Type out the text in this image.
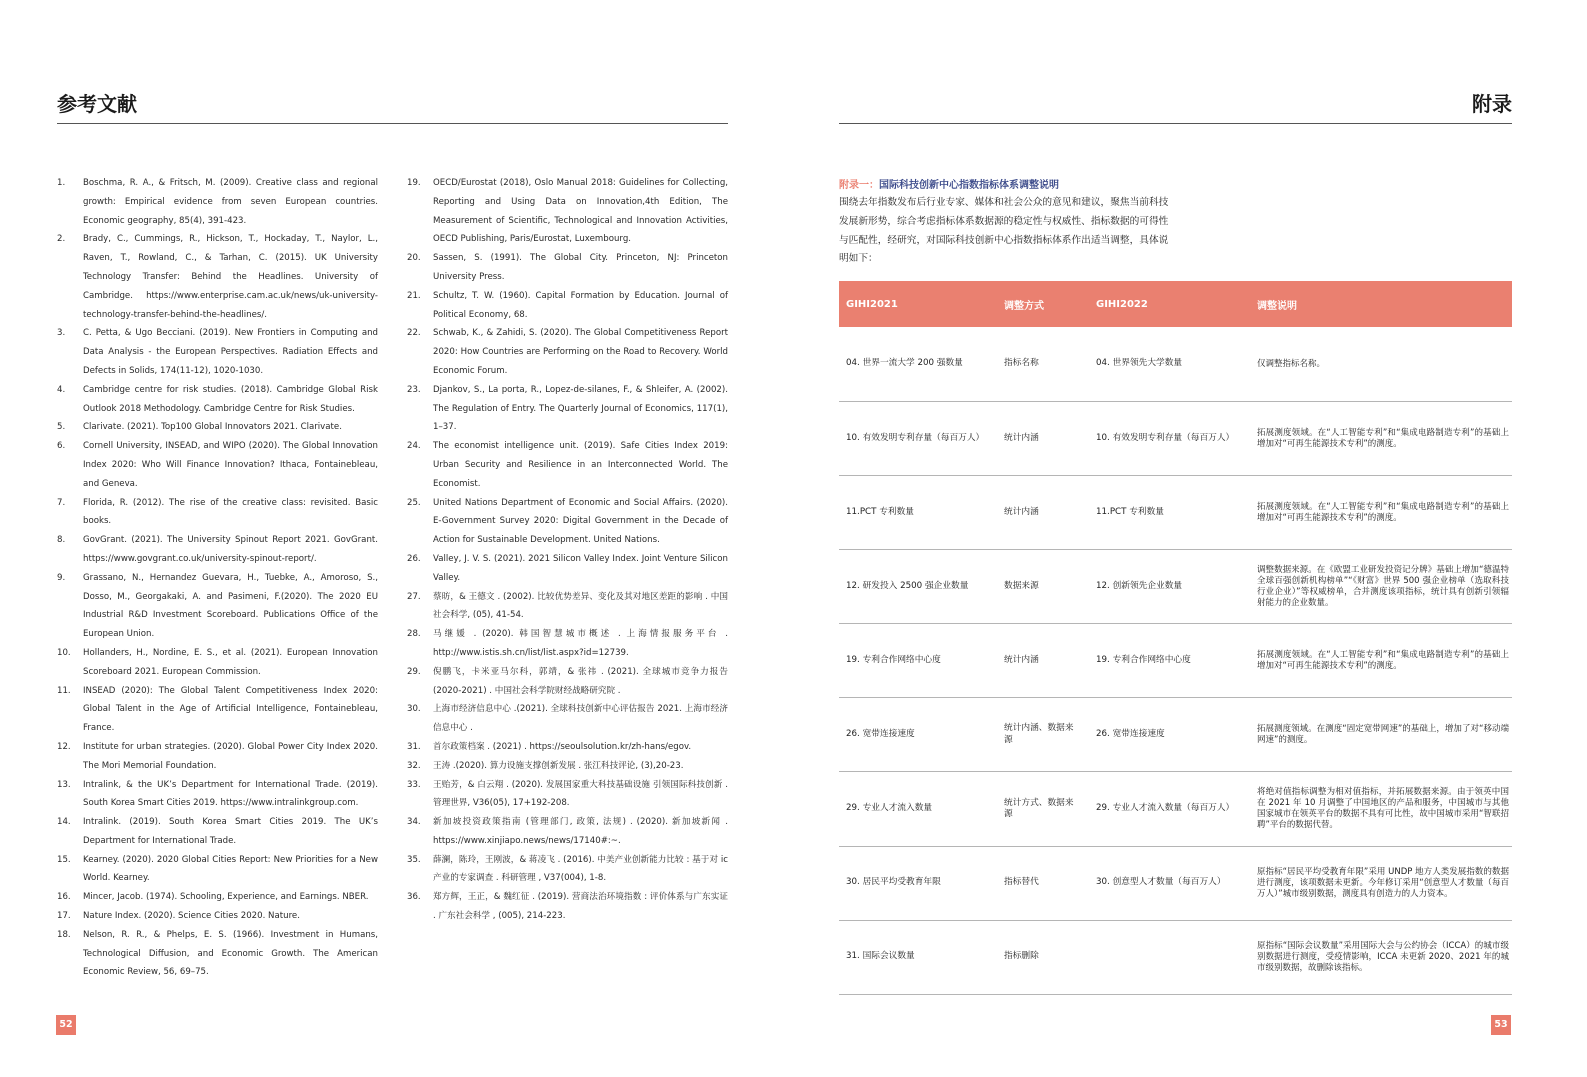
参考文献
1. Boschma, R. A., & Fritsch, M. (2009). Creative class and regional growth: Empirical evidence from seven European countries. Economic geography, 85(4), 391-423.
2. Brady, C., Cummings, R., Hickson, T., Hockaday, T., Naylor, L., Raven, T., Rowland, C., & Tarhan, C. (2015). UK University Technology Transfer: Behind the Headlines. University of Cambridge. https://www.enterprise.cam.ac.uk/news/uk-university-technology-transfer-behind-the-headlines/.
3. C. Petta, & Ugo Becciani. (2019). New Frontiers in Computing and Data Analysis - the European Perspectives. Radiation Effects and Defects in Solids, 174(11-12), 1020-1030.
4. Cambridge centre for risk studies. (2018). Cambridge Global Risk Outlook 2018 Methodology. Cambridge Centre for Risk Studies.
5. Clarivate. (2021). Top100 Global Innovators 2021. Clarivate.
6. Cornell University, INSEAD, and WIPO (2020). The Global Innovation Index 2020: Who Will Finance Innovation? Ithaca, Fontainebleau, and Geneva.
7. Florida, R. (2012). The rise of the creative class: revisited. Basic books.
8. GovGrant. (2021). The University Spinout Report 2021. GovGrant. https://www.govgrant.co.uk/university-spinout-report/.
9. Grassano, N., Hernandez Guevara, H., Tuebke, A., Amoroso, S., Dosso, M., Georgakaki, A. and Pasimeni, F.(2020). The 2020 EU Industrial R&D Investment Scoreboard. Publications Office of the European Union.
10. Hollanders, H., Nordine, E. S., et al. (2021). European Innovation Scoreboard 2021. European Commission.
11. INSEAD (2020): The Global Talent Competitiveness Index 2020: Global Talent in the Age of Artificial Intelligence, Fontainebleau, France.
12. Institute for urban strategies. (2020). Global Power City Index 2020. The Mori Memorial Foundation.
13. Intralink, & the UK’s Department for International Trade. (2019). South Korea Smart Cities 2019. https://www.intralinkgroup.com.
14. Intralink. (2019). South Korea Smart Cities 2019. The UK’s Department for International Trade.
15. Kearney. (2020). 2020 Global Cities Report: New Priorities for a New World. Kearney.
16. Mincer, Jacob. (1974). Schooling, Experience, and Earnings. NBER.
17. Nature Index. (2020). Science Cities 2020. Nature.
18. Nelson, R. R., & Phelps, E. S. (1966). Investment in Humans, Technological Diffusion, and Economic Growth. The American Economic Review, 56, 69–75.
19. OECD/Eurostat (2018), Oslo Manual 2018: Guidelines for Collecting, Reporting and Using Data on Innovation,4th Edition, The Measurement of Scientific, Technological and Innovation Activities, OECD Publishing, Paris/Eurostat, Luxembourg.
20. Sassen, S. (1991). The Global City. Princeton, NJ: Princeton University Press.
21. Schultz, T. W. (1960). Capital Formation by Education. Journal of Political Economy, 68.
22. Schwab, K., & Zahidi, S. (2020). The Global Competitiveness Report 2020: How Countries are Performing on the Road to Recovery. World Economic Forum.
23. Djankov, S., La porta, R., Lopez-de-silanes, F., & Shleifer, A. (2002). The Regulation of Entry. The Quarterly Journal of Economics, 117(1), 1–37.
24. The economist intelligence unit. (2019). Safe Cities Index 2019: Urban Security and Resilience in an Interconnected World. The Economist.
25. United Nations Department of Economic and Social Affairs. (2020). E-Government Survey 2020: Digital Government in the Decade of Action for Sustainable Development. United Nations.
26. Valley, J. V. S. (2021). 2021 Silicon Valley Index. Joint Venture Silicon Valley.
27. 蔡昉，& 王德文 . (2002). 比较优势差异、变化及其对地区差距的影响 . 中国社会科学, (05), 41-54.
28. 马继媛 . (2020). 韩国智慧城市概述 . 上海情报服务平台 . http://www.istis.sh.cn/list/list.aspx?id=12739.
29. 倪鹏飞，卡米亚马尔科，郭靖，& 张祎 . (2021). 全球城市竞争力报告 (2020-2021) . 中国社会科学院财经战略研究院 .
30. 上海市经济信息中心 .(2021). 全球科技创新中心评估报告 2021. 上海市经济信息中心 .
31. 首尔政策档案 . (2021) . https://seoulsolution.kr/zh-hans/egov.
32. 王涛 .(2020). 算力设施支撑创新发展 . 张江科技评论, (3),20-23.
33. 王贻芳，& 白云翔 . (2020). 发展国家重大科技基础设施 引领国际科技创新 . 管理世界, V36(05), 17+192-208.
34. 新加坡投资政策指南 (管理部门, 政策, 法规) . (2020). 新加坡新闻 . https://www.xinjiapo.news/news/17140#:~.
35. 薛澜，陈玲，王刚波，& 蒋凌飞 . (2016). 中美产业创新能力比较 : 基于对 ic 产业的专家调查 . 科研管理 , V37(004), 1-8.
36. 郑方辉，王正，& 魏红征 . (2019). 营商法治环境指数 : 评价体系与广东实证 . 广东社会科学 , (005), 214-223.
52
附录
附录一：国际科技创新中心指数指标体系调整说明
围绕去年指数发布后行业专家、媒体和社会公众的意见和建议，聚焦当前科技发展新形势，综合考虑指标体系数据源的稳定性与权威性、指标数据的可得性与匹配性，经研究，对国际科技创新中心指数指标体系作出适当调整，具体说明如下：
GIHI2021	调整方式	GIHI2022	调整说明
04. 世界一流大学 200 强数量	指标名称	04. 世界领先大学数量	仅调整指标名称。
10. 有效发明专利存量（每百万人）	统计内涵	10. 有效发明专利存量（每百万人）	拓展测度领域。在“人工智能专利”和“集成电路制造专利”的基础上增加对“可再生能源技术专利”的测度。
11.PCT 专利数量	统计内涵	11.PCT 专利数量	拓展测度领域。在“人工智能专利”和“集成电路制造专利”的基础上增加对“可再生能源技术专利”的测度。
12. 研发投入 2500 强企业数量	数据来源	12. 创新领先企业数量	调整数据来源。在《欧盟工业研发投资记分牌》基础上增加“德温特全球百强创新机构榜单”“《财富》世界 500 强企业榜单（选取科技行业企业）”等权威榜单，合并测度该项指标，统计具有创新引领辐射能力的企业数量。
19. 专利合作网络中心度	统计内涵	19. 专利合作网络中心度	拓展测度领域。在“人工智能专利”和“集成电路制造专利”的基础上增加对“可再生能源技术专利”的测度。
26. 宽带连接速度	统计内涵、数据来源	26. 宽带连接速度	拓展测度领域。在测度“固定宽带网速”的基础上，增加了对“移动端网速”的测度。
29. 专业人才流入数量	统计方式、数据来源	29. 专业人才流入数量（每百万人）	将绝对值指标调整为相对值指标，并拓展数据来源。由于领英中国在 2021 年 10 月调整了中国地区的产品和服务，中国城市与其他国家城市在领英平台的数据不具有可比性，故中国城市采用“智联招聘”平台的数据代替。
30. 居民平均受教育年限	指标替代	30. 创意型人才数量（每百万人）	原指标“居民平均受教育年限”采用 UNDP 地方人类发展指数的数据进行测度，该项数据未更新。今年修订采用“创意型人才数量（每百万人）”城市级别数据，测度具有创造力的人力资本。
31. 国际会议数量	指标删除		原指标“国际会议数量”采用国际大会与公约协会（ICCA）的城市级别数据进行测度，受疫情影响，ICCA 未更新 2020、2021 年的城市级别数据，故删除该指标。
53
